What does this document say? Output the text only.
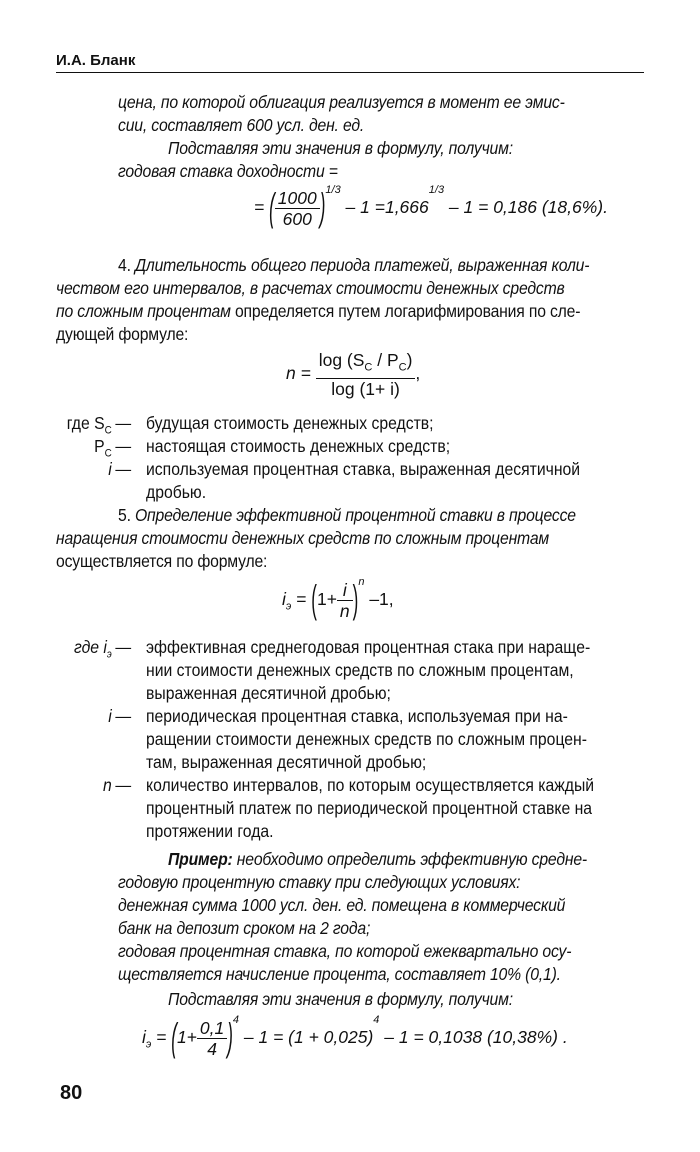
И.А. Бланк
цена, по которой облигация реализуется в момент ее эмис-
сии, составляет 600 усл. ден. ед.
Подставляя эти значения в формулу, получим:
годовая ставка доходности =
= ( $\frac{1000}{600} )^{1/3} - 1 =1,666^{1/3} - 1 = 0,186$ (18,6%).
4. Длительность общего периода платежей, выраженная коли-
чеством его интервалов, в расчетах стоимости денежных средств
по сложным процентам определяется путем логарифмирования по сле-
дующей формуле:
$n = \frac{\log (S_C / P_C)}{\log (1+ i)}$ ,
где $S_C$ — будущая стоимость денежных средств;
$P_C$ — настоящая стоимость денежных средств;
i — используемая процентная ставка, выраженная десятичной
дробью.
5. Определение эффективной процентной ставки в процессе
наращения стоимости денежных средств по сложным процентам
осуществляется по формуле:
$i_э = (1+ \frac{i}{n} )^n$ –1,
где $i_э$ — эффективная среднегодовая процентная стака при наращe-
нии стоимости денежных средств по сложным процентам,
выраженная десятичной дробью;
i — периодическая процентная ставка, используемая при на-
ращении стоимости денежных средств по сложным процен-
там, выраженная десятичной дробью;
n — количество интервалов, по которым осуществляется каждый
процентный платеж по периодической процентной ставке на
протяжении года.
Пример: необходимо определить эффективную средне-
годовую процентную ставку при следующих условиях:
денежная сумма 1000 усл. ден. ед. помещена в коммерческий
банк на депозит сроком на 2 года;
годовая процентная ставка, по которой ежеквартально осу-
ществляется начисление процента, составляет 10% (0,1).
Подставляя эти значения в формулу, получим:
$i_э = (1+ \frac{0,1}{4} )^4 - 1 = (1 + 0,025)^4 - 1 = 0,1038$ (10,38%) .
80
